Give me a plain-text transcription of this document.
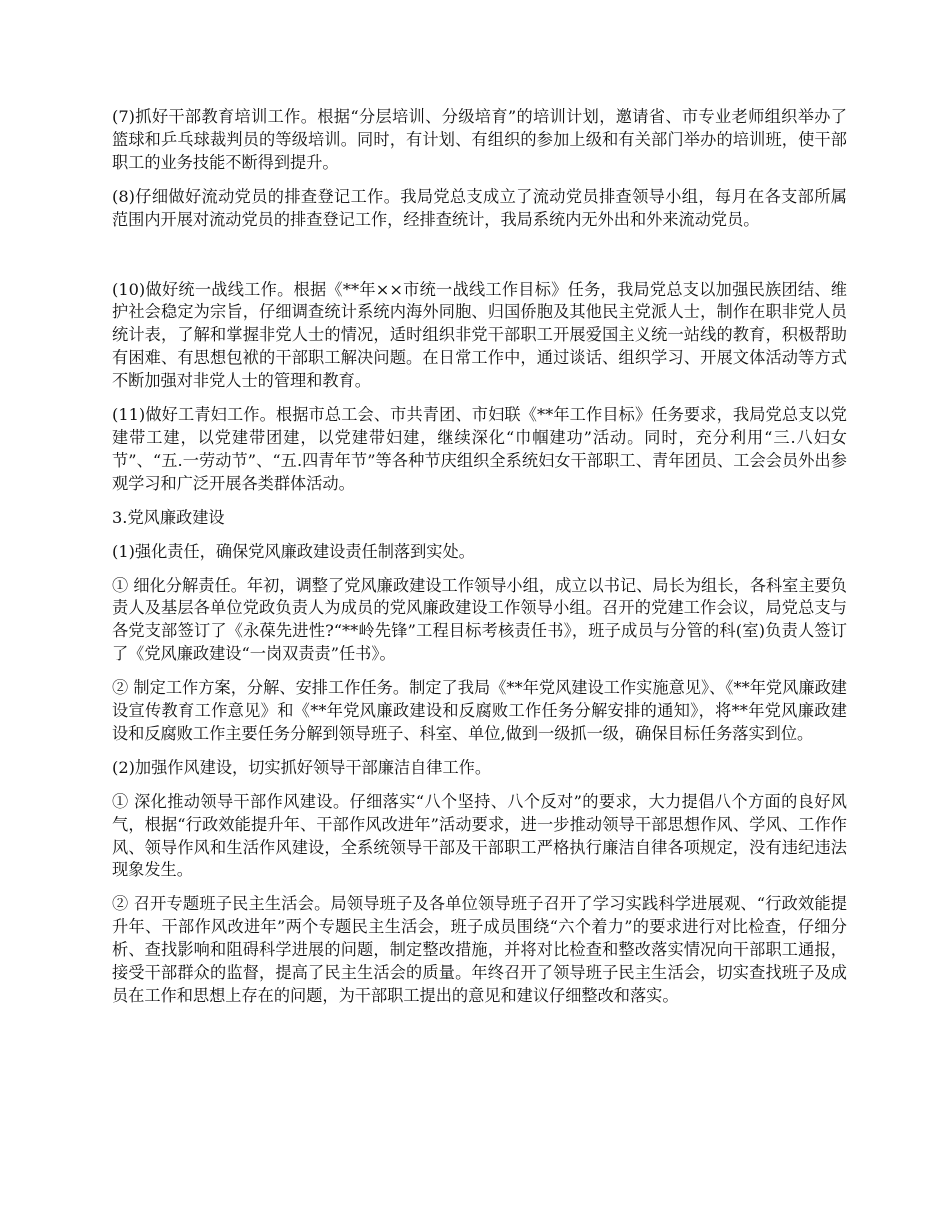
(7)抓好干部教育培训工作。根据“分层培训、分级培育”的培训计划，邀请省、市专业老师组织举办了篮球和乒乓球裁判员的等级培训。同时，有计划、有组织的参加上级和有关部门举办的培训班，使干部职工的业务技能不断得到提升。

(8)仔细做好流动党员的排查登记工作。我局党总支成立了流动党员排查领导小组，每月在各支部所属范围内开展对流动党员的排查登记工作，经排查统计，我局系统内无外出和外来流动党员。

(10)做好统一战线工作。根据《**年××市统一战线工作目标》任务，我局党总支以加强民族团结、维护社会稳定为宗旨，仔细调查统计系统内海外同胞、归国侨胞及其他民主党派人士，制作在职非党人员统计表，了解和掌握非党人士的情况，适时组织非党干部职工开展爱国主义统一站线的教育，积极帮助有困难、有思想包袱的干部职工解决问题。在日常工作中，通过谈话、组织学习、开展文体活动等方式不断加强对非党人士的管理和教育。

(11)做好工青妇工作。根据市总工会、市共青团、市妇联《**年工作目标》任务要求，我局党总支以党建带工建，以党建带团建，以党建带妇建，继续深化“巾帼建功”活动。同时，充分利用“三.八妇女节”、“五.一劳动节”、“五.四青年节”等各种节庆组织全系统妇女干部职工、青年团员、工会会员外出参观学习和广泛开展各类群体活动。

3.党风廉政建设

(1)强化责任，确保党风廉政建设责任制落到实处。

① 细化分解责任。年初，调整了党风廉政建设工作领导小组，成立以书记、局长为组长，各科室主要负责人及基层各单位党政负责人为成员的党风廉政建设工作领导小组。召开的党建工作会议，局党总支与各党支部签订了《永葆先进性?“**岭先锋”工程目标考核责任书》，班子成员与分管的科(室)负责人签订了《党风廉政建设“一岗双责责”任书》。

② 制定工作方案，分解、安排工作任务。制定了我局《**年党风建设工作实施意见》、《**年党风廉政建设宣传教育工作意见》和《**年党风廉政建设和反腐败工作任务分解安排的通知》，将**年党风廉政建设和反腐败工作主要任务分解到领导班子、科室、单位,做到一级抓一级，确保目标任务落实到位。

(2)加强作风建设，切实抓好领导干部廉洁自律工作。

① 深化推动领导干部作风建设。仔细落实“八个坚持、八个反对”的要求，大力提倡八个方面的良好风气，根据“行政效能提升年、干部作风改进年”活动要求，进一步推动领导干部思想作风、学风、工作作风、领导作风和生活作风建设，全系统领导干部及干部职工严格执行廉洁自律各项规定，没有违纪违法现象发生。

② 召开专题班子民主生活会。局领导班子及各单位领导班子召开了学习实践科学进展观、“行政效能提升年、干部作风改进年”两个专题民主生活会，班子成员围绕“六个着力”的要求进行对比检查，仔细分析、查找影响和阻碍科学进展的问题，制定整改措施，并将对比检查和整改落实情况向干部职工通报，接受干部群众的监督，提高了民主生活会的质量。年终召开了领导班子民主生活会，切实查找班子及成员在工作和思想上存在的问题，为干部职工提出的意见和建议仔细整改和落实。
